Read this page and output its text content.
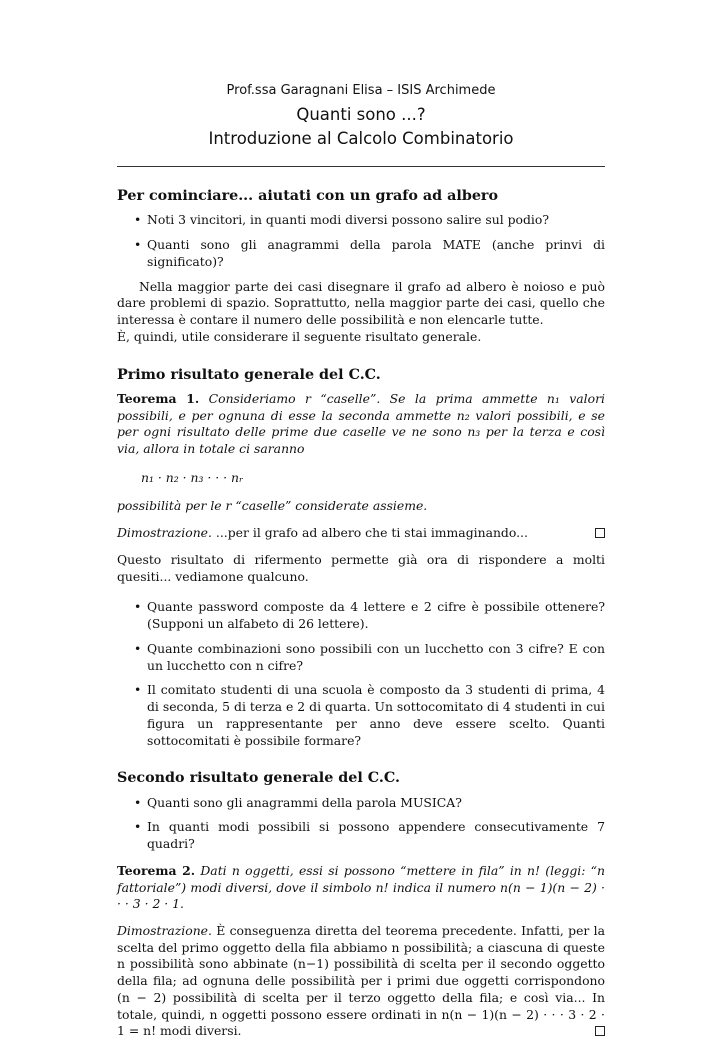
Prof.ssa Garagnani Elisa – ISIS Archimede
Quanti sono ...?
Introduzione al Calcolo Combinatorio
Per cominciare... aiutati con un grafo ad albero
• Noti 3 vincitori, in quanti modi diversi possono salire sul podio?
• Quanti sono gli anagrammi della parola MATE (anche prinvi di significato)?

Nella maggior parte dei casi disegnare il grafo ad albero è noioso e può dare problemi di spazio. Soprattutto, nella maggior parte dei casi, quello che interessa è contare il numero delle possibilità e non elencarle tutte.

È, quindi, utile considerare il seguente risultato generale.

Primo risultato generale del C.C.

Teorema 1. Consideriamo r “caselle”. Se la prima ammette n₁ valori possibili, e per ognuna di esse la seconda ammette n₂ valori possibili, e se per ogni risultato delle prime due caselle ve ne sono n₃ per la terza e così via, allora in totale ci saranno

n₁ · n₂ · n₃ · · · nᵣ

possibilità per le r “caselle” considerate assieme.

Dimostrazione. ...per il grafo ad albero che ti stai immaginando...

Questo risultato di rifermento permette già ora di rispondere a molti quesiti... vediamone qualcuno.

• Quante password composte da 4 lettere e 2 cifre è possibile ottenere? (Supponi un alfabeto di 26 lettere).
• Quante combinazioni sono possibili con un lucchetto con 3 cifre? E con un lucchetto con n cifre?
• Il comitato studenti di una scuola è composto da 3 studenti di prima, 4 di seconda, 5 di terza e 2 di quarta. Un sottocomitato di 4 studenti in cui figura un rappresentante per anno deve essere scelto. Quanti sottocomitati è possibile formare?
Secondo risultato generale del C.C.
• Quanti sono gli anagrammi della parola MUSICA?
• In quanti modi possibili si possono appendere consecutivamente 7 quadri?

Teorema 2. Dati n oggetti, essi si possono “mettere in fila” in n! (leggi: “n fattoriale”) modi diversi, dove il simbolo n! indica il numero n(n − 1)(n − 2) · · · 3 · 2 · 1.

Dimostrazione. È conseguenza diretta del teorema precedente. Infatti, per la scelta del primo oggetto della fila abbiamo n possibilità; a ciascuna di queste n possibilità sono abbinate (n−1) possibilità di scelta per il secondo oggetto della fila; ad ognuna delle possibilità per i primi due oggetti corrispondono (n − 2) possibilità di scelta per il terzo oggetto della fila; e così via... In totale, quindi, n oggetti possono essere ordinati in n(n − 1)(n − 2) · · · 3 · 2 · 1 = n! modi diversi.
